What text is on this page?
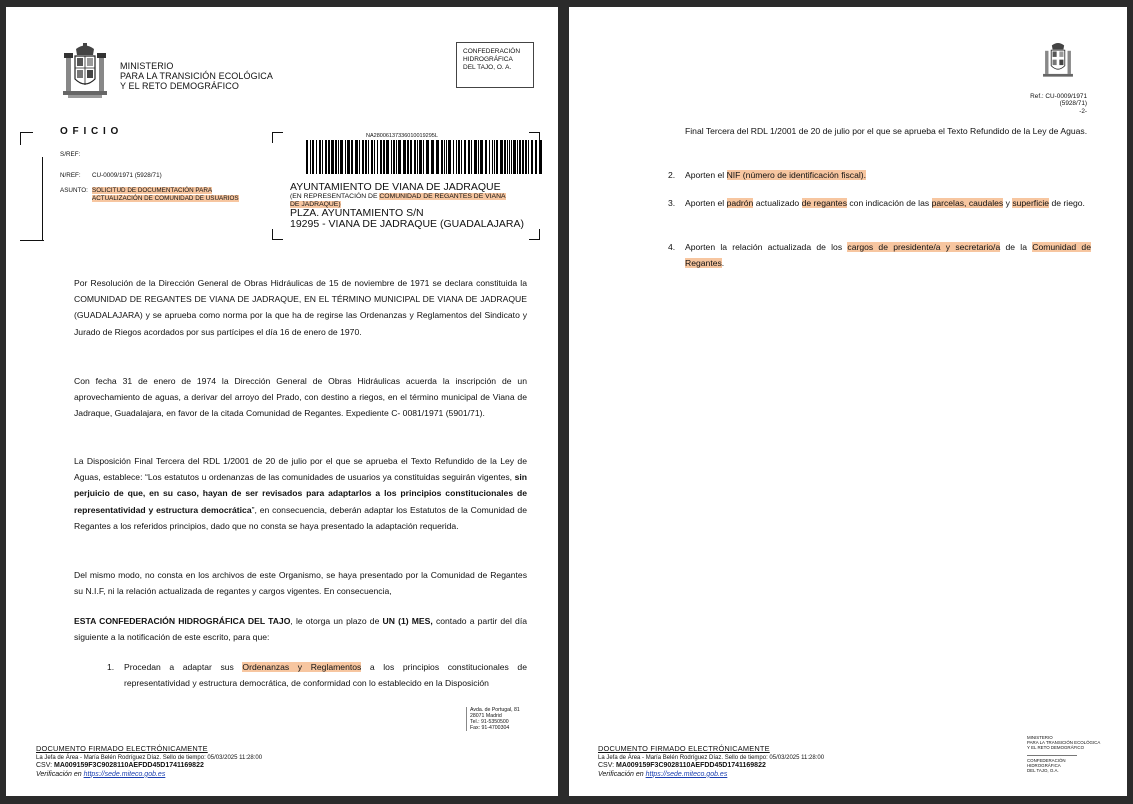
MINISTERIO
PARA LA TRANSICIÓN ECOLÓGICA
Y EL RETO DEMOGRÁFICO
CONFEDERACIÓN
HIDROGRÁFICA
DEL TAJO, O. A.
O F I C I O
S/REF:
N/REF: CU-0009/1971 (5928/71)
ASUNTO: SOLICITUD DE DOCUMENTACIÓN PARA ACTUALIZACIÓN DE COMUNIDAD DE USUARIOS
NA28006137336010019295L
AYUNTAMIENTO DE VIANA DE JADRAQUE
(EN REPRESENTACIÓN DE COMUNIDAD DE REGANTES DE VIANA DE JADRAQUE)
PLZA. AYUNTAMIENTO S/N
19295 - VIANA DE JADRAQUE (GUADALAJARA)
Por Resolución de la Dirección General de Obras Hidráulicas de 15 de noviembre de 1971 se declara constituida la COMUNIDAD DE REGANTES DE VIANA DE JADRAQUE, EN EL TÉRMINO MUNICIPAL DE VIANA DE JADRAQUE (GUADALAJARA) y se aprueba como norma por la que ha de regirse las Ordenanzas y Reglamentos del Sindicato y Jurado de Riegos acordados por sus partícipes el día 16 de enero de 1970.
Con fecha 31 de enero de 1974 la Dirección General de Obras Hidráulicas acuerda la inscripción de un aprovechamiento de aguas, a derivar del arroyo del Prado, con destino a riegos, en el término municipal de Viana de Jadraque, Guadalajara, en favor de la citada Comunidad de Regantes. Expediente C- 0081/1971 (5901/71).
La Disposición Final Tercera del RDL 1/2001 de 20 de julio por el que se aprueba el Texto Refundido de la Ley de Aguas, establece: “Los estatutos u ordenanzas de las comunidades de usuarios ya constituidas seguirán vigentes, sin perjuicio de que, en su caso, hayan de ser revisados para adaptarlos a los principios constitucionales de representatividad y estructura democrática”, en consecuencia, deberán adaptar los Estatutos de la Comunidad de Regantes a los referidos principios, dado que no consta se haya presentado la adaptación requerida.
Del mismo modo, no consta en los archivos de este Organismo, se haya presentado por la Comunidad de Regantes su N.I.F, ni la relación actualizada de regantes y cargos vigentes. En consecuencia,
ESTA CONFEDERACIÓN HIDROGRÁFICA DEL TAJO, le otorga un plazo de UN (1) MES, contado a partir del día siguiente a la notificación de este escrito, para que:
1. Procedan a adaptar sus Ordenanzas y Reglamentos a los principios constitucionales de representatividad y estructura democrática, de conformidad con lo establecido en la Disposición
Avda. de Portugal, 81
28071 Madrid
Tel.: 91-5350500
Fax: 91-4700304
DOCUMENTO FIRMADO ELECTRÓNICAMENTE
La Jefa de Área - María Belén Rodríguez Díaz. Sello de tiempo: 05/03/2025 11:28:00
CSV: MA009159F3C9028110AEFDD45D1741169822
Verificación en https://sede.miteco.gob.es
Ref.: CU-0009/1971
(5928/71)
-2-
Final Tercera del RDL 1/2001 de 20 de julio por el que se aprueba el Texto Refundido de la Ley de Aguas.
2. Aporten el NIF (número de identificación fiscal).
3. Aporten el padrón actualizado de regantes con indicación de las parcelas, caudales y superficie de riego.
4. Aporten la relación actualizada de los cargos de presidente/a y secretario/a de la Comunidad de Regantes.
MINISTERIO
PARA LA TRANSICIÓN ECOLÓGICA
Y EL RETO DEMOGRÁFICO
CONFEDERACIÓN
HIDROGRÁFICA
DEL TAJO, O.A.
DOCUMENTO FIRMADO ELECTRÓNICAMENTE
La Jefa de Área - María Belén Rodríguez Díaz. Sello de tiempo: 05/03/2025 11:28:00
CSV: MA009159F3C9028110AEFDD45D1741169822
Verificación en https://sede.miteco.gob.es
